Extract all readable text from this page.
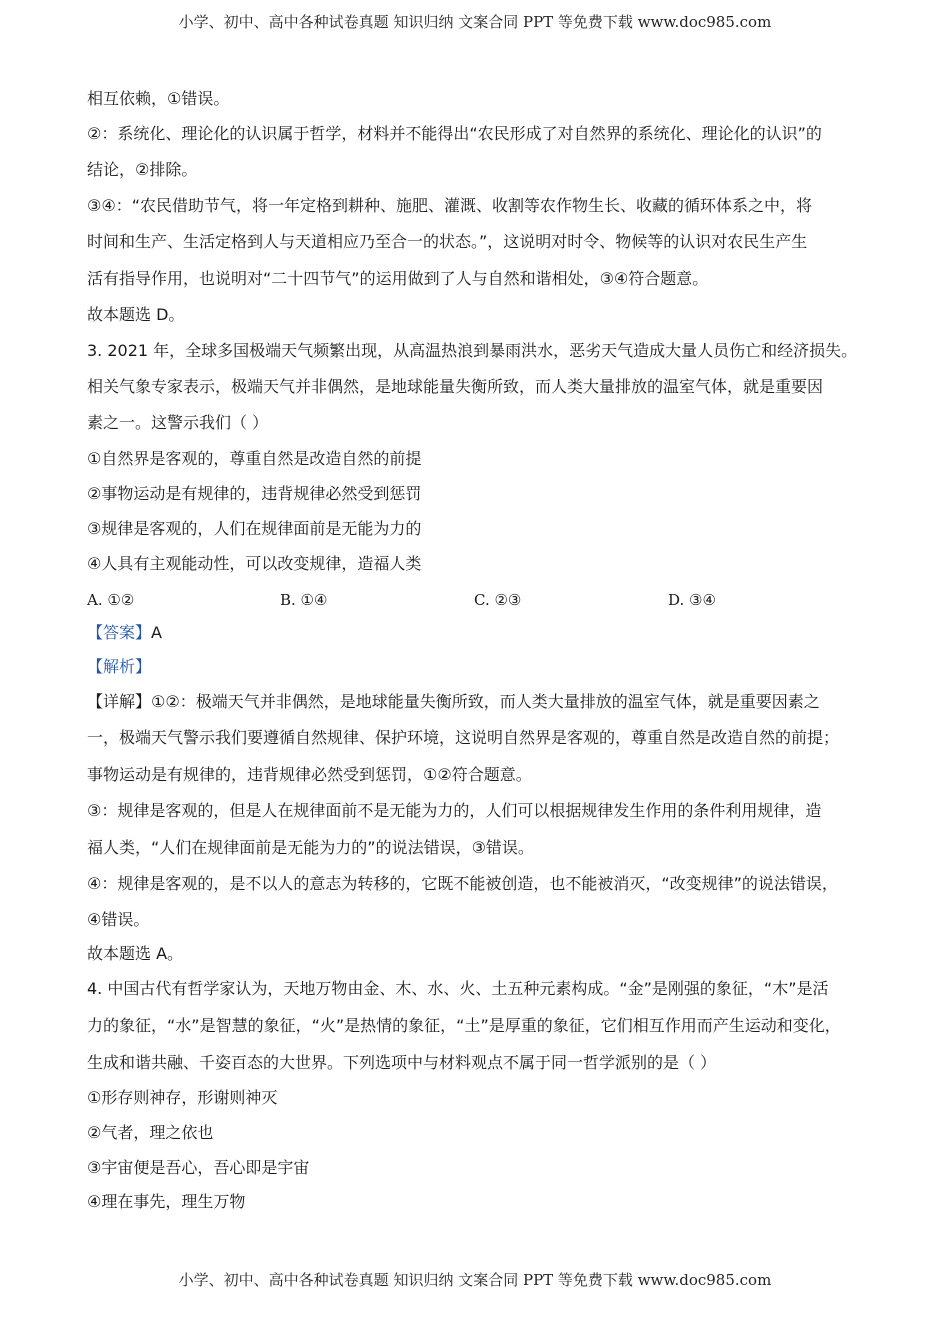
小学、初中、高中各种试卷真题 知识归纳 文案合同 PPT 等免费下载 www.doc985.com
相互依赖，①错误。
②：系统化、理论化的认识属于哲学，材料并不能得出“农民形成了对自然界的系统化、理论化的认识”的
结论，②排除。
③④：“农民借助节气，将一年定格到耕种、施肥、灌溉、收割等农作物生长、收藏的循环体系之中，将
时间和生产、生活定格到人与天道相应乃至合一的状态。”，这说明对时令、物候等的认识对农民生产生
活有指导作用，也说明对“二十四节气”的运用做到了人与自然和谐相处，③④符合题意。
故本题选 D。
3. 2021 年，全球多国极端天气频繁出现，从高温热浪到暴雨洪水，恶劣天气造成大量人员伤亡和经济损失。
相关气象专家表示，极端天气并非偶然，是地球能量失衡所致，而人类大量排放的温室气体，就是重要因
素之一。这警示我们（ ）
①自然界是客观的，尊重自然是改造自然的前提
②事物运动是有规律的，违背规律必然受到惩罚
③规律是客观的，人们在规律面前是无能为力的
④人具有主观能动性，可以改变规律，造福人类
A. ①②	B. ①④	C. ②③	D. ③④
【答案】A
【解析】
【详解】①②：极端天气并非偶然，是地球能量失衡所致，而人类大量排放的温室气体，就是重要因素之
一，极端天气警示我们要遵循自然规律、保护环境，这说明自然界是客观的，尊重自然是改造自然的前提；
事物运动是有规律的，违背规律必然受到惩罚，①②符合题意。
③：规律是客观的，但是人在规律面前不是无能为力的，人们可以根据规律发生作用的条件利用规律，造
福人类，“人们在规律面前是无能为力的”的说法错误，③错误。
④：规律是客观的，是不以人的意志为转移的，它既不能被创造，也不能被消灭，“改变规律”的说法错误，
④错误。
故本题选 A。
4. 中国古代有哲学家认为，天地万物由金、木、水、火、土五种元素构成。“金”是刚强的象征，“木”是活
力的象征，“水”是智慧的象征，“火”是热情的象征，“土”是厚重的象征，它们相互作用而产生运动和变化，
生成和谐共融、千姿百态的大世界。下列选项中与材料观点不属于同一哲学派别的是（ ）
①形存则神存，形谢则神灭
②气者，理之依也
③宇宙便是吾心，吾心即是宇宙
④理在事先，理生万物
小学、初中、高中各种试卷真题 知识归纳 文案合同 PPT 等免费下载 www.doc985.com
